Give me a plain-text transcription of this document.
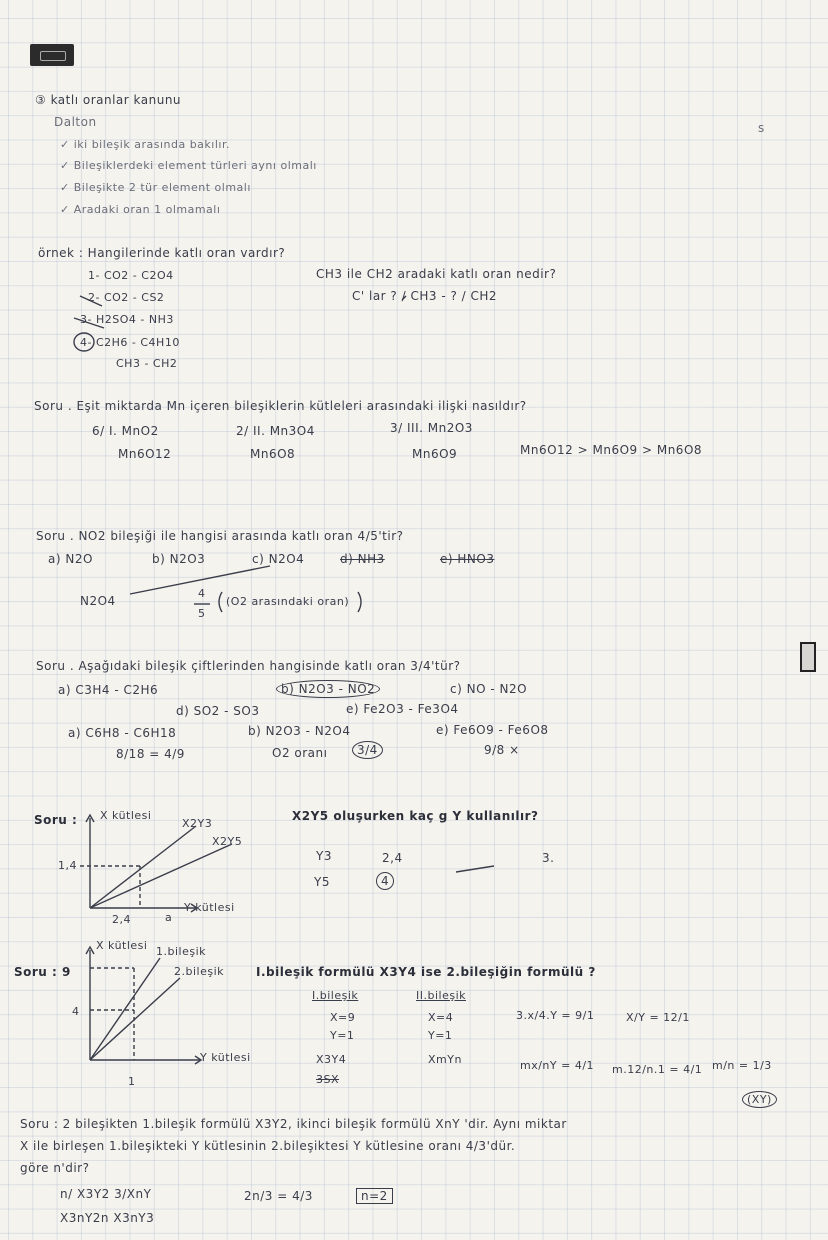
s
③ katlı oranlar kanunu
Dalton
✓ iki bileşik arasında bakılır.
✓ Bileşiklerdeki element türleri aynı olmalı
✓ Bileşikte 2 tür element olmalı
✓ Aradaki oran 1 olmamalı
örnek : Hangilerinde katlı oran vardır?
1- CO2 - C2O4
2- CO2 - CS2
3- H2SO4 - NH3
4- C2H6 - C4H10
CH3 - CH2
CH3 ile CH2 aradaki katlı oran nedir?
C' lar ? / CH3 - ? / CH2
Soru . Eşit miktarda Mn içeren bileşiklerin kütleleri arasındaki ilişki nasıldır?
6/ I. MnO2	2/ II. Mn3O4	3/ III. Mn2O3
Mn6O12	Mn6O8	Mn6O9	Mn6O12 > Mn6O9 > Mn6O8
Soru . NO2 bileşiği ile hangisi arasında katlı oran 4/5'tir?
a) N2O	b) N2O3	c) N2O4	d) NH3	e) HNO3
N2O4
4
5
(O2 arasındaki oran)
Soru . Aşağıdaki bileşik çiftlerinden hangisinde katlı oran 3/4'tür?
a) C3H4 - C2H6	b) N2O3 - NO2	c) NO - N2O
d) SO2 - SO3	e) Fe2O3 - Fe3O4
a) C6H8 - C6H18
8/18 = 4/9
b) N2O3 - N2O4
O2 oranı	3/4
e) Fe6O9 - Fe6O8
9/8 ×
Soru : X kütlesi
Y kütlesi
1,4
2,4	a
X2Y3
X2Y5
X2Y5 oluşurken kaç g Y kullanılır?
Y3	2,4
Y5	4
3.
Soru : 9
X kütlesi
Y kütlesi
4
1
1.bileşik
2.bileşik	I.bileşik formülü X3Y4 ise 2.bileşiğin formülü ?
I.bileşik
X=9
Y=1
X3Y4
3SX
II.bileşik
X=4
Y=1
XmYn
3.x/4.Y = 9/1	X/Y = 12/1
mx/nY = 4/1 m.12/n.1 = 4/1 m/n = 1/3
(XY)
Soru : 2 bileşikten 1.bileşik formülü X3Y2, ikinci bileşik formülü XnY 'dir. Aynı miktar
X ile birleşen 1.bileşikteki Y kütlesinin 2.bileşiktesi Y kütlesine oranı 4/3'dür.
göre n'dir?
n/ X3Y2 3/XnY
X3nY2n X3nY3
2n/3 = 4/3	n=2
